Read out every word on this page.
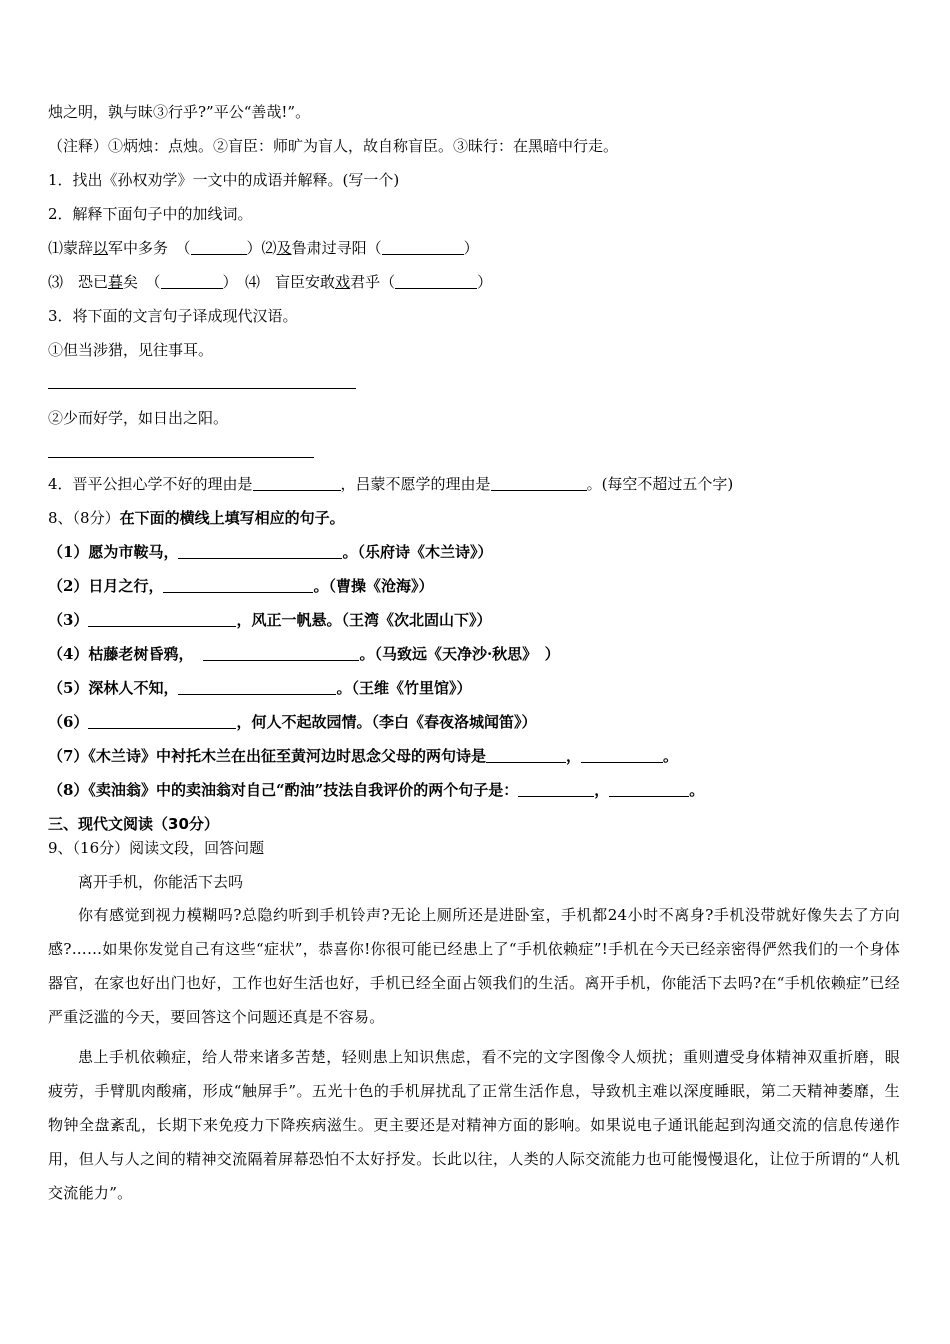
烛之明，孰与昧③行乎?”平公“善哉!”。
（注释）①炳烛：点烛。②盲臣：师旷为盲人，故自称盲臣。③昧行：在黑暗中行走。
1．找出《孙权劝学》一文中的成语并解释。(写一个)
2．解释下面句子中的加线词。
⑴蒙辞以军中多务　（	）⑵及鲁肃过寻阳（	）
⑶　恐已暮矣　（	）　⑷　盲臣安敢戏君乎（	）
3．将下面的文言句子译成现代汉语。
①但当涉猎，见往事耳。
②少而好学，如日出之阳。
4．晋平公担心学不好的理由是	，吕蒙不愿学的理由是	。(每空不超过五个字)
8、（8分）在下面的横线上填写相应的句子。
（1）愿为市鞍马，	。（乐府诗《木兰诗》）
（2）日月之行，	。（曹操《沧海》）
（3）	，风正一帆悬。（王湾《次北固山下》）
（4）枯藤老树昏鸦，	。（马致远《天净沙·秋思》　）
（5）深林人不知，	。（王维《竹里馆》）
（6）	，何人不起故园情。（李白《春夜洛城闻笛》）
（7）《木兰诗》中衬托木兰在出征至黄河边时思念父母的两句诗是	，	。
（8）《卖油翁》中的卖油翁对自己“酌油”技法自我评价的两个句子是：	，	。
三、现代文阅读（30分）
9、（16分）阅读文段，回答问题
离开手机，你能活下去吗
你有感觉到视力模糊吗?总隐约听到手机铃声?无论上厕所还是进卧室，手机都24小时不离身?手机没带就好像失去了方向感?……如果你发觉自己有这些“症状”，恭喜你!你很可能已经患上了“手机依赖症”!手机在今天已经亲密得俨然我们的一个身体器官，在家也好出门也好，工作也好生活也好，手机已经全面占领我们的生活。离开手机，你能活下去吗?在“手机依赖症”已经严重泛滥的今天，要回答这个问题还真是不容易。
患上手机依赖症，给人带来诸多苦楚，轻则患上知识焦虑，看不完的文字图像令人烦扰；重则遭受身体精神双重折磨，眼疲劳，手臂肌肉酸痛，形成“触屏手”。五光十色的手机屏扰乱了正常生活作息，导致机主难以深度睡眠，第二天精神萎靡，生物钟全盘紊乱，长期下来免疫力下降疾病滋生。更主要还是对精神方面的影响。如果说电子通讯能起到沟通交流的信息传递作用，但人与人之间的精神交流隔着屏幕恐怕不太好抒发。长此以往，人类的人际交流能力也可能慢慢退化，让位于所谓的“人机交流能力”。
